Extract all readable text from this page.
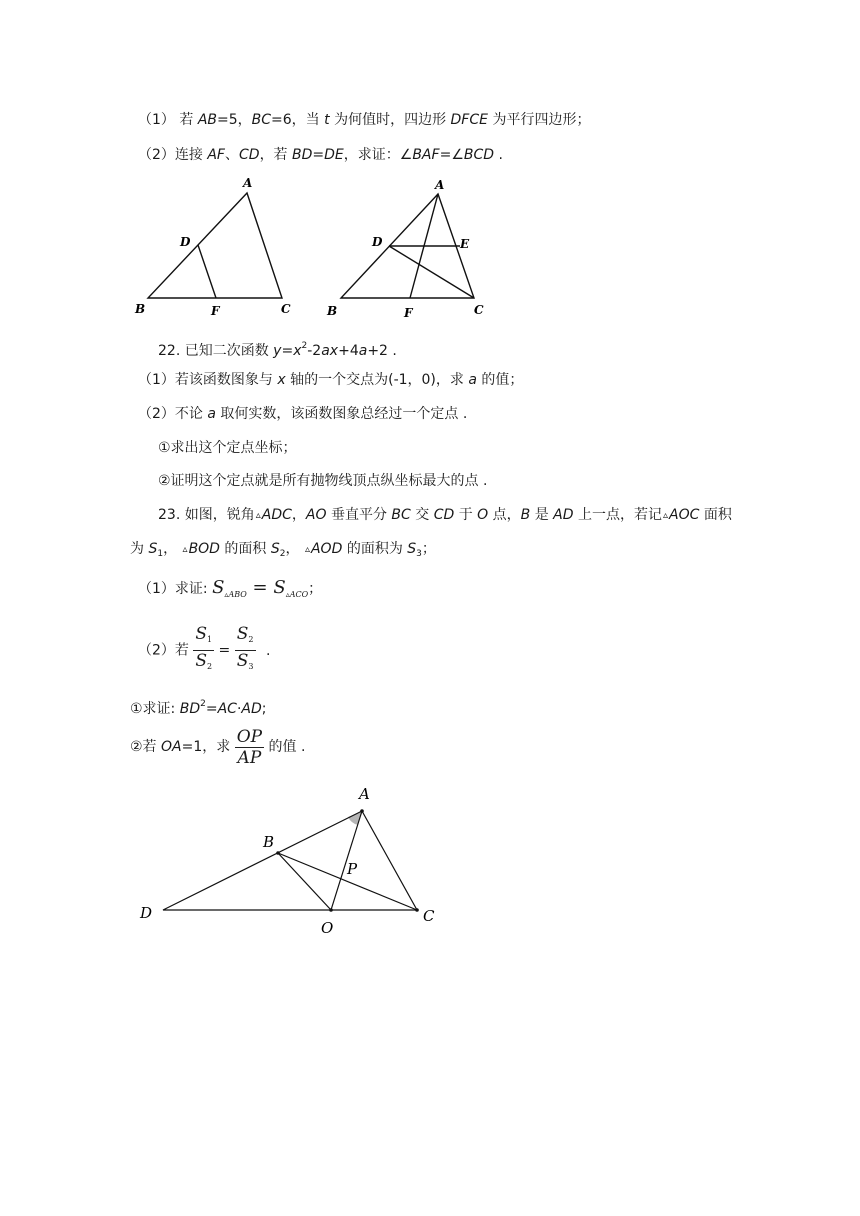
（1） 若 AB=5，BC=6，当 t 为何值时，四边形 DFCE 为平行四边形；
（2）连接 AF、CD，若 BD=DE，求证：∠BAF=∠BCD .
A
D
B	F	C
A
D	E
B	F	C
22. 已知二次函数 $y=x^2-2ax+4a+2$ .
（1）若该函数图象与 x 轴的一个交点为(-1，0)，求 a 的值；
（2）不论 a 取何实数，该函数图象总经过一个定点 .
①求出这个定点坐标；
②证明这个定点就是所有抛物线顶点纵坐标最大的点 .
23. 如图，锐角▵ADC，AO 垂直平分 BC 交 CD 于 O 点，B 是 AD 上一点，若记▵AOC 面积
为 $S_1$， ▵BOD 的面积 $S_2$， ▵AOD 的面积为 $S_3$；
（1）求证: $S_{▵ABO} = S_{▵ACO}$；
（2）若 $\frac{S1}{S2} = \frac{S2}{S3}$ .
①求证: $BD^2=AC\cdot AD$;
②若 OA=1，求 $\frac{OP}{AP}$ 的值 .
A
B
P
D
O
C
